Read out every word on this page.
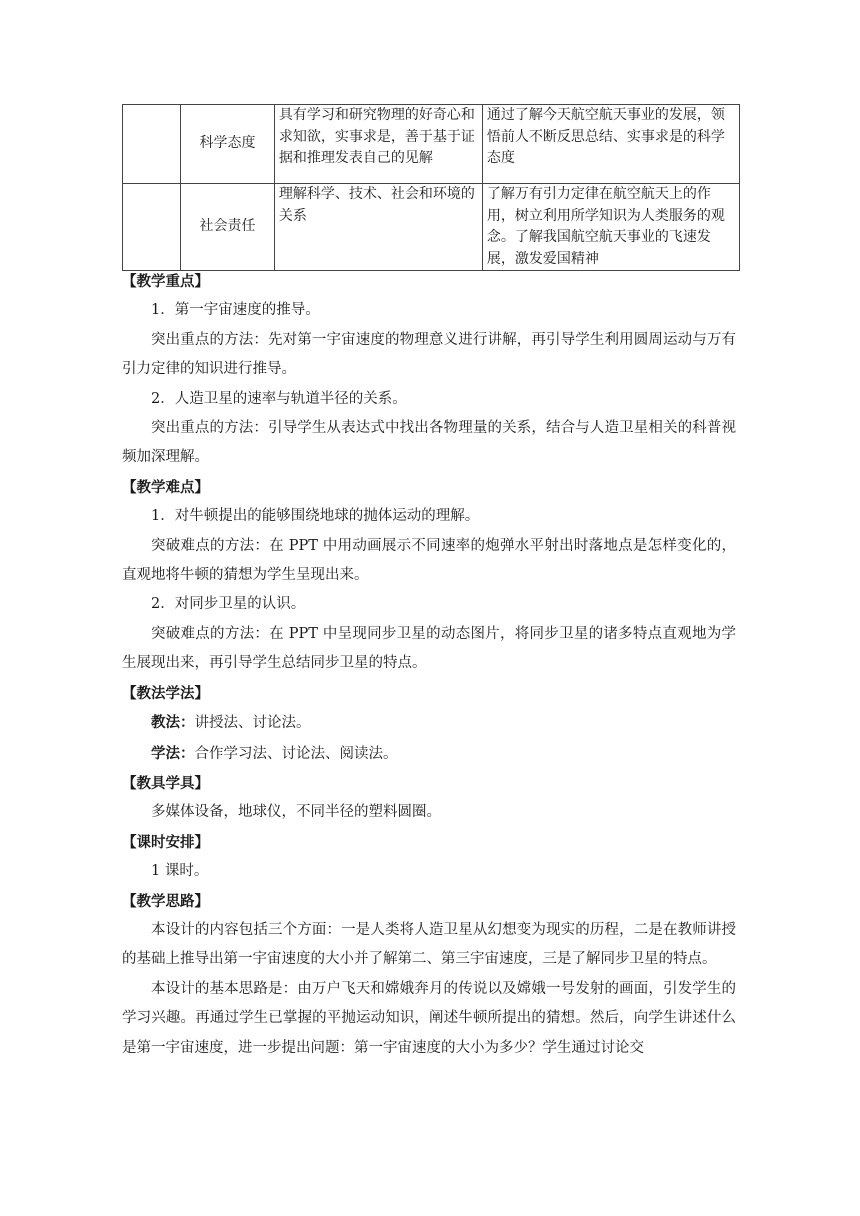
	科学态度	具有学习和研究物理的好奇心和求知欲，实事求是，善于基于证据和推理发表自己的见解	通过了解今天航空航天事业的发展，领悟前人不断反思总结、实事求是的科学态度
	社会责任	理解科学、技术、社会和环境的关系	了解万有引力定律在航空航天上的作用，树立利用所学知识为人类服务的观念。了解我国航空航天事业的飞速发展，激发爱国精神

【教学重点】

1．第一宇宙速度的推导。

突出重点的方法：先对第一宇宙速度的物理意义进行讲解，再引导学生利用圆周运动与万有引力定律的知识进行推导。

2．人造卫星的速率与轨道半径的关系。

突出重点的方法：引导学生从表达式中找出各物理量的关系，结合与人造卫星相关的科普视频加深理解。

【教学难点】

1．对牛顿提出的能够围绕地球的抛体运动的理解。

突破难点的方法：在 PPT 中用动画展示不同速率的炮弹水平射出时落地点是怎样变化的，直观地将牛顿的猜想为学生呈现出来。

2．对同步卫星的认识。

突破难点的方法：在 PPT 中呈现同步卫星的动态图片，将同步卫星的诸多特点直观地为学生展现出来，再引导学生总结同步卫星的特点。

【教法学法】

教法：讲授法、讨论法。

学法：合作学习法、讨论法、阅读法。

【教具学具】

多媒体设备，地球仪，不同半径的塑料圆圈。

【课时安排】

1 课时。

【教学思路】

本设计的内容包括三个方面：一是人类将人造卫星从幻想变为现实的历程，二是在教师讲授的基础上推导出第一宇宙速度的大小并了解第二、第三宇宙速度，三是了解同步卫星的特点。

本设计的基本思路是：由万户飞天和嫦娥奔月的传说以及嫦娥一号发射的画面，引发学生的学习兴趣。再通过学生已掌握的平抛运动知识，阐述牛顿所提出的猜想。然后，向学生讲述什么是第一宇宙速度，进一步提出问题：第一宇宙速度的大小为多少？学生通过讨论交
